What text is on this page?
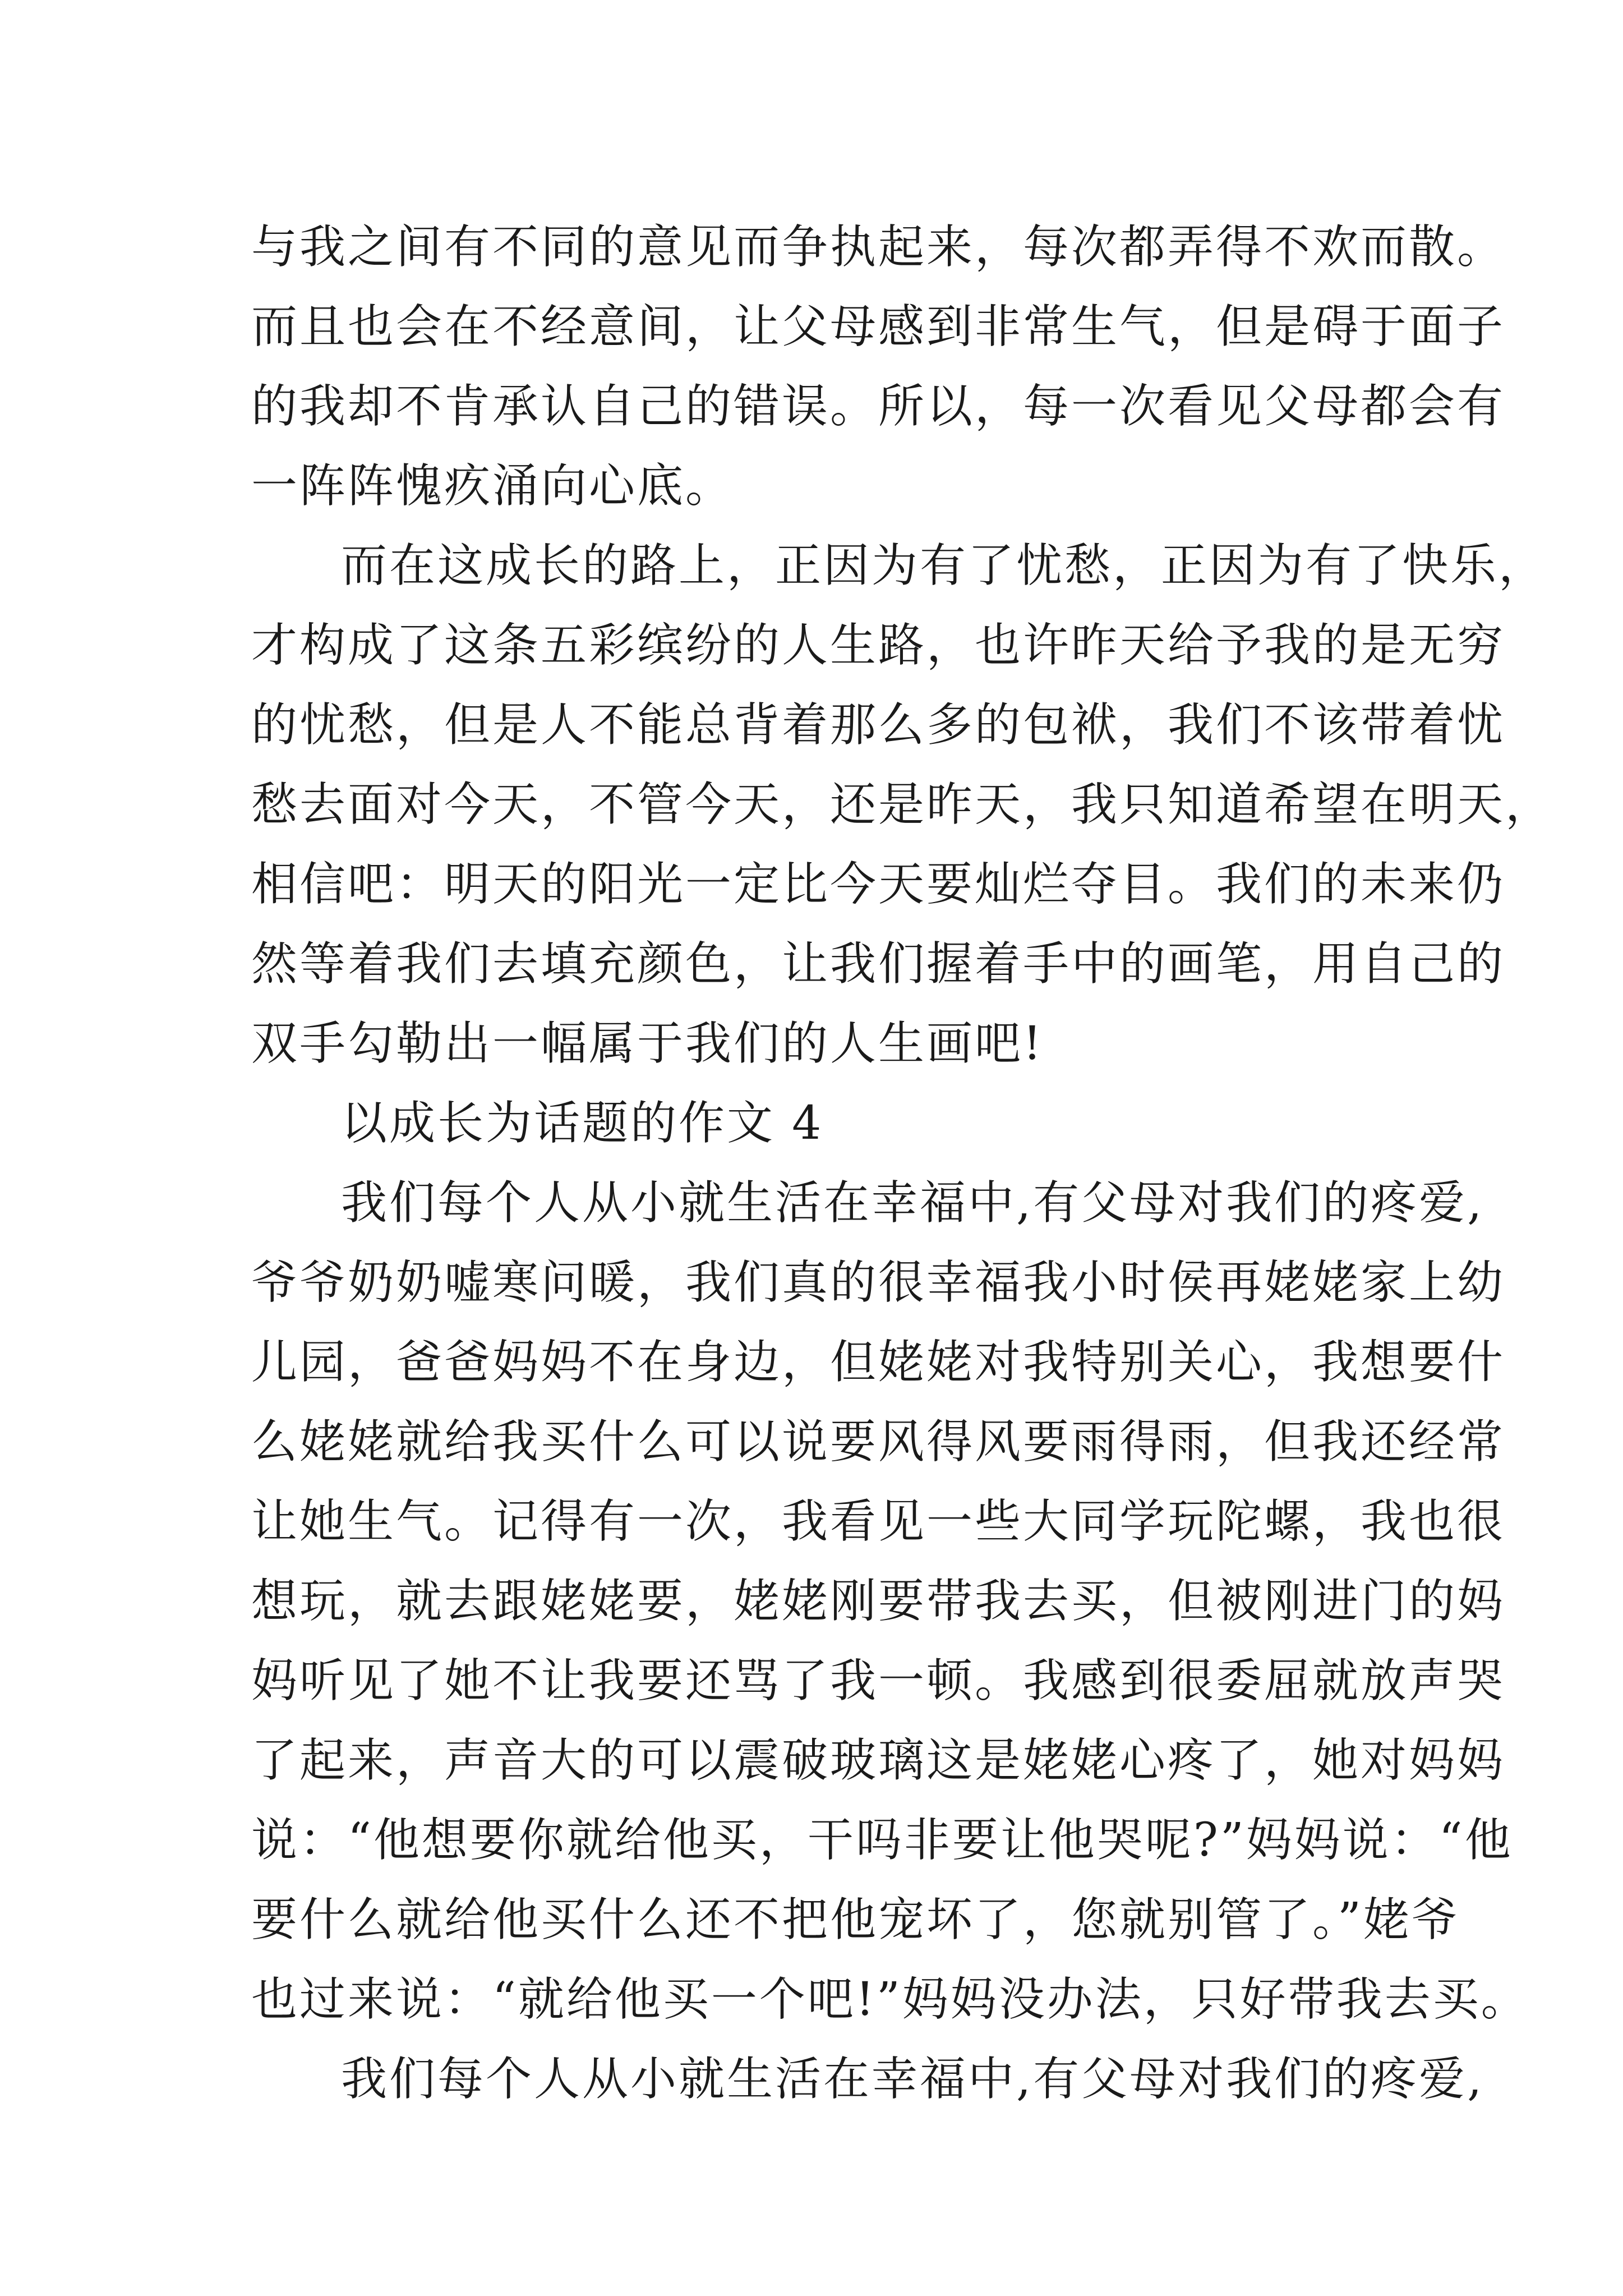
与我之间有不同的意见而争执起来，每次都弄得不欢而散。
而且也会在不经意间，让父母感到非常生气，但是碍于面子
的我却不肯承认自己的错误。所以，每一次看见父母都会有
一阵阵愧疚涌向心底。
而在这成长的路上，正因为有了忧愁，正因为有了快乐，
才构成了这条五彩缤纷的人生路，也许昨天给予我的是无穷
的忧愁，但是人不能总背着那么多的包袱，我们不该带着忧
愁去面对今天，不管今天，还是昨天，我只知道希望在明天，
相信吧：明天的阳光一定比今天要灿烂夺目。我们的未来仍
然等着我们去填充颜色，让我们握着手中的画笔，用自己的
双手勾勒出一幅属于我们的人生画吧!
以成长为话题的作文 4
我们每个人从小就生活在幸福中,有父母对我们的疼爱,
爷爷奶奶嘘寒问暖，我们真的很幸福我小时侯再姥姥家上幼
儿园，爸爸妈妈不在身边，但姥姥对我特别关心，我想要什
么姥姥就给我买什么可以说要风得风要雨得雨，但我还经常
让她生气。记得有一次，我看见一些大同学玩陀螺，我也很
想玩，就去跟姥姥要，姥姥刚要带我去买，但被刚进门的妈
妈听见了她不让我要还骂了我一顿。我感到很委屈就放声哭
了起来，声音大的可以震破玻璃这是姥姥心疼了，她对妈妈
说：“他想要你就给他买，干吗非要让他哭呢?”妈妈说：“他
要什么就给他买什么还不把他宠坏了，您就别管了。”姥爷
也过来说：“就给他买一个吧!”妈妈没办法，只好带我去买。
我们每个人从小就生活在幸福中,有父母对我们的疼爱,
